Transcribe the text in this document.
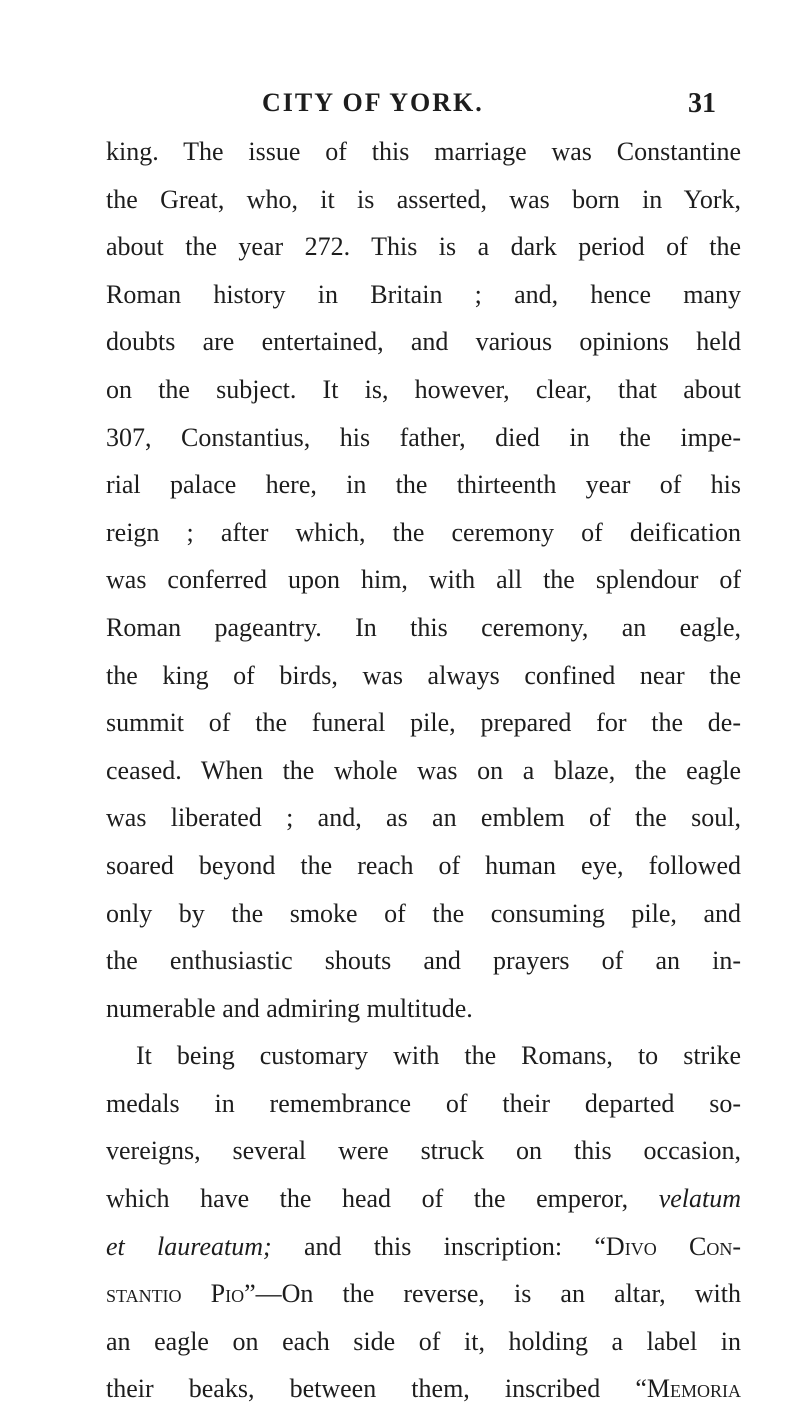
CITY OF YORK.	31
king. The issue of this marriage was Constantine
the Great, who, it is asserted, was born in York,
about the year 272. This is a dark period of the
Roman history in Britain ; and, hence many
doubts are entertained, and various opinions held
on the subject. It is, however, clear, that about
307, Constantius, his father, died in the impe-
rial palace here, in the thirteenth year of his
reign ; after which, the ceremony of deification
was conferred upon him, with all the splendour of
Roman pageantry. In this ceremony, an eagle,
the king of birds, was always confined near the
summit of the funeral pile, prepared for the de-
ceased. When the whole was on a blaze, the eagle
was liberated ; and, as an emblem of the soul,
soared beyond the reach of human eye, followed
only by the smoke of the consuming pile, and
the enthusiastic shouts and prayers of an in-
numerable and admiring multitude.
It being customary with the Romans, to strike
medals in remembrance of their departed so-
vereigns, several were struck on this occasion,
which have the head of the emperor, velatum
et laureatum; and this inscription: “Divo Con-
stantio Pio”—On the reverse, is an altar, with
an eagle on each side of it, holding a label in
their beaks, between them, inscribed “Memoria
